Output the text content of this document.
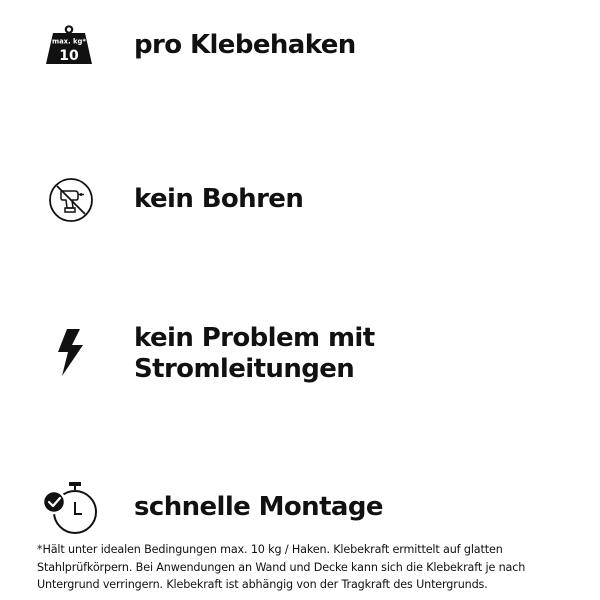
max. kg*
10 pro Klebehaken

kein Bohren

kein Problem mit

Stromleitungen

schnelle Montage

*Hält unter idealen Bedingungen max. 10 kg / Haken. Klebekraft ermittelt auf glatten Stahlprüfkörpern. Bei Anwendungen an Wand und Decke kann sich die Klebekraft je nach Untergrund verringern. Klebekraft ist abhängig von der Tragkraft des Untergrunds.
